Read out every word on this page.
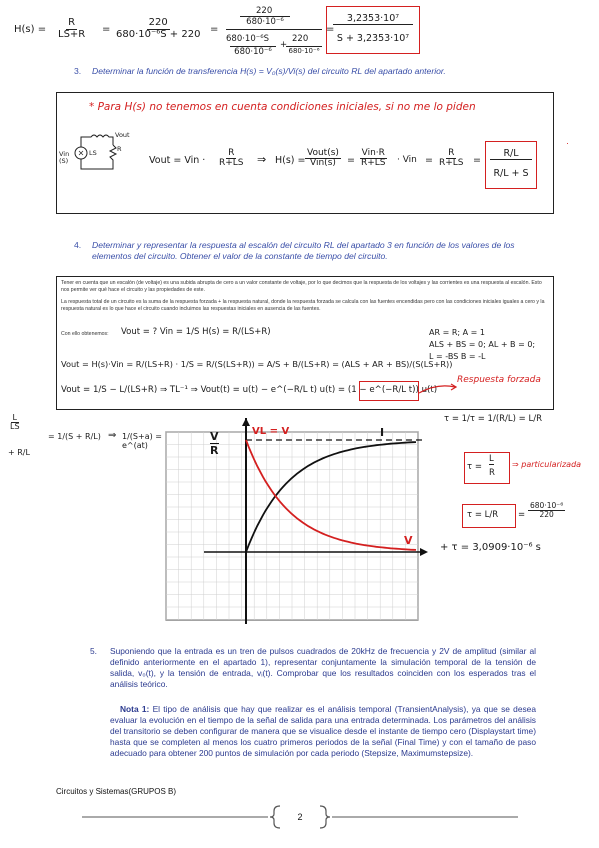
$H(s) = \frac{R}{LS+R} = \frac{220}{\text{680·10⁻⁶S + 220}}$ =
220
680·10⁻⁶
680·10⁻⁶S
680·10⁻⁶
+
220
680·10⁻⁶
=
3,2353·10⁷
S + 3,2353·10⁷
3. Determinar la función de transferencia H(s) = V₀(s)/Vi(s) del circuito RL del apartado anterior.
* Para H(s) no tenemos en cuenta condiciones iniciales, si no me lo piden
Vin (S)
LS	R
Vout
Vout = Vin · $\frac{R}{R+LS}$ ⇒ H(s) =
Vout(s)
Vin(s) =
Vin·R
R+LS · Vin = $\frac{R}{R+LS}$ =
R/L
R/L + S
·
4. Determinar y representar la respuesta al escalón del circuito RL del apartado 3 en función de los valores de los elementos del circuito. Obtener el valor de la constante de tiempo del circuito.
Tener en cuenta que un escalón (de voltaje) es una subida abrupta de cero a un valor constante de voltaje, por lo que decimos que la respuesta de los voltajes y las corrientes es una respuesta al escalón. Esto nos permite ver qué hace el circuito y las propiedades de este.
La respuesta total de un circuito es la suma de la respuesta forzada + la respuesta natural, donde la respuesta forzada se calcula con las fuentes encendidas pero con las condiciones iniciales iguales a cero y la respuesta natural es lo que hace el circuito cuando incluimos las respuestas iniciales en ausencia de las fuentes.
Con ello obtenemos: Vout = ? Vin = 1/S H(s) = R/(LS+R)	AR = R; A = 1
ALS + BS = 0; AL + B = 0;
L = -BS B = -L
Vout = H(s)·Vin = R/(LS+R) · 1/S = R/(S(LS+R)) = A/S + B/(LS+R) = (ALS + AR + BS)/(S(LS+R))
Vout = 1/S − L/(LS+R) ⇒ TL⁻¹ ⇒ Vout(t) = u(t) − e^(−R/L t) u(t) = (1 − e^(−R/L t)) u(t)
Respuesta forzada
$\frac{L}{LS}$
+ R/L
= 1/(S + R/L) ⇒ 1/(S+a) = e^(at)
V
R
VL = V	I
V
τ = 1/τ = 1/(R/L) = L/R
τ =
L
R
⇒ particularizada
$\tau = L/R = \frac{\text{680·10⁻⁶}}{220}$
+ τ = 3,0909·10⁻⁶ s
5. Suponiendo que la entrada es un tren de pulsos cuadrados de 20kHz de frecuencia y 2V de amplitud (similar al definido anteriormente en el apartado 1), representar conjuntamente la simulación temporal de la tensión de salida, v₀(t), y la tensión de entrada, vᵢ(t). Comprobar que los resultados coinciden con los esperados tras el análisis teórico.
Nota 1: El tipo de análisis que hay que realizar es el análisis temporal (TransientAnalysis), ya que se desea evaluar la evolución en el tiempo de la señal de salida para una entrada determinada. Los parámetros del análisis del transitorio se deben configurar de manera que se visualice desde el instante de tiempo cero (Displaystart time) hasta que se completen al menos los cuatro primeros periodos de la señal (Final Time) y con el tamaño de paso adecuado para obtener 200 puntos de simulación por cada periodo (Stepsize, Maximumstepsize).
Circuitos y Sistemas(GRUPOS B)
2
